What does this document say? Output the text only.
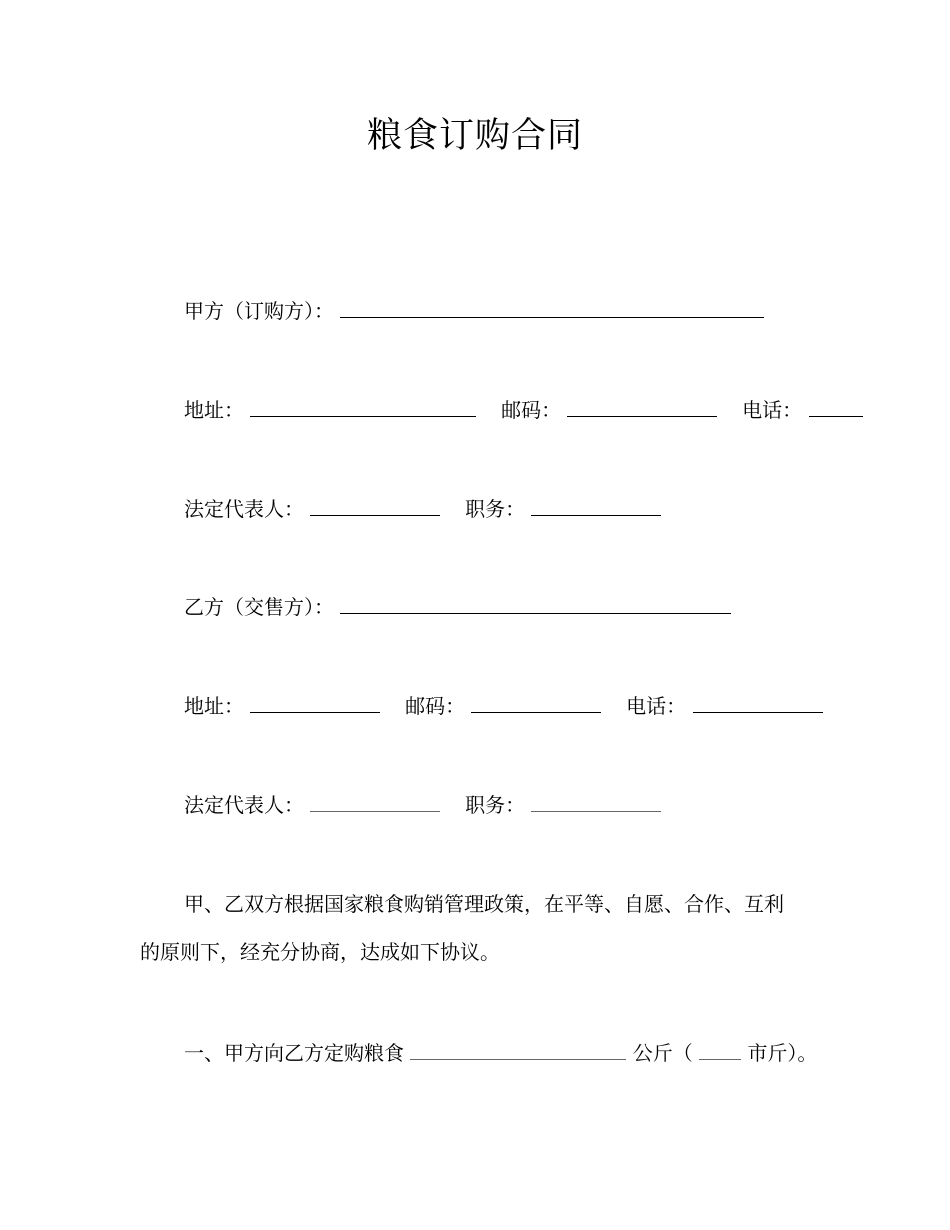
粮食订购合同
甲方（订购方）：
地址：	邮码：	电话：
法定代表人：	职务：
乙方（交售方）：
地址：	邮码：	电话：
法定代表人：	职务：
甲、乙双方根据国家粮食购销管理政策，在平等、自愿、合作、互利
的原则下，经充分协商，达成如下协议。
一、甲方向乙方定购粮食	公斤（	市斤）。
